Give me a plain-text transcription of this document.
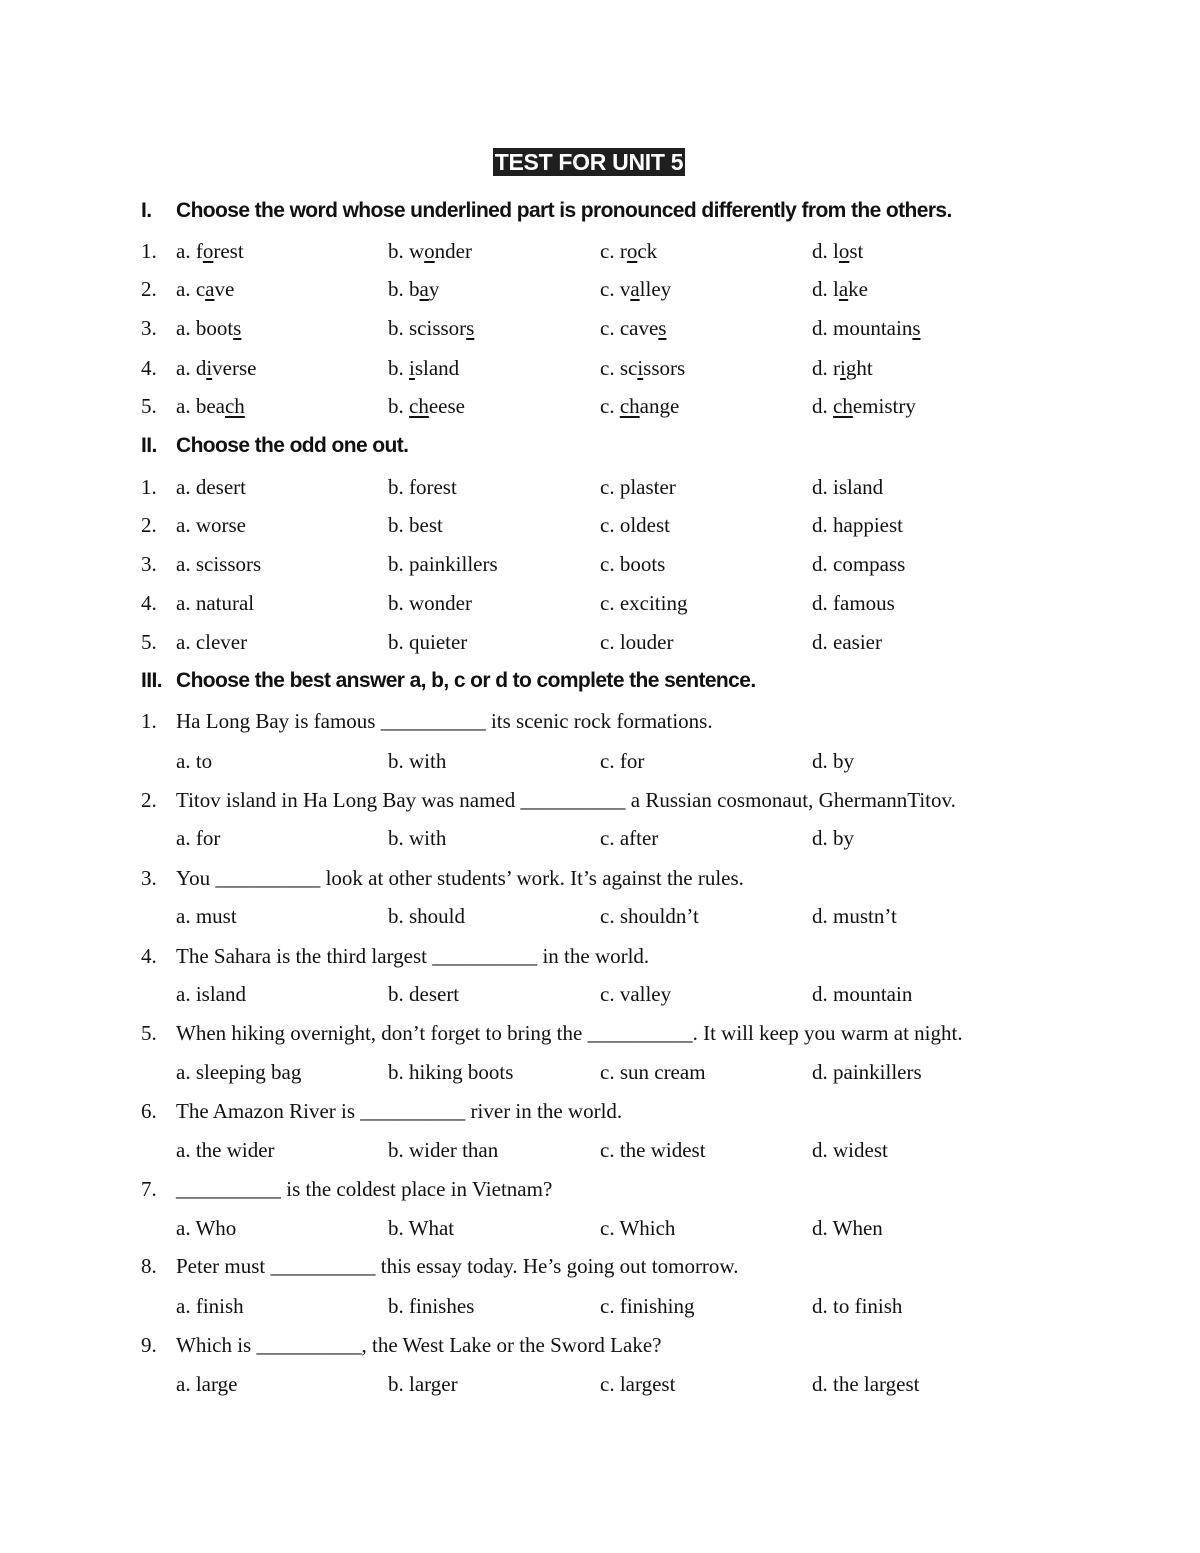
TEST FOR UNIT 5
I. Choose the word whose underlined part is pronounced differently from the others.
1. a. forest	b. wonder	c. rock	d. lost
2. a. cave	b. bay	c. valley	d. lake
3. a. boots	b. scissors	c. caves	d. mountains
4. a. diverse	b. island	c. scissors	d. right
5. a. beach	b. cheese	c. change	d. chemistry
II. Choose the odd one out.
1. a. desert	b. forest	c. plaster	d. island
2. a. worse	b. best	c. oldest	d. happiest
3. a. scissors	b. painkillers	c. boots	d. compass
4. a. natural	b. wonder	c. exciting	d. famous
5. a. clever	b. quieter	c. louder	d. easier
III. Choose the best answer a, b, c or d to complete the sentence.
1. Ha Long Bay is famous __________ its scenic rock formations.
a. to	b. with	c. for	d. by
2. Titov island in Ha Long Bay was named __________ a Russian cosmonaut, GhermannTitov.
a. for	b. with	c. after	d. by
3. You __________ look at other students’ work. It’s against the rules.
a. must	b. should	c. shouldn’t	d. mustn’t
4. The Sahara is the third largest __________ in the world.
a. island	b. desert	c. valley	d. mountain
5. When hiking overnight, don’t forget to bring the __________. It will keep you warm at night.
a. sleeping bag	b. hiking boots	c. sun cream	d. painkillers
6. The Amazon River is __________ river in the world.
a. the wider	b. wider than	c. the widest	d. widest
7. __________ is the coldest place in Vietnam?
a. Who	b. What	c. Which	d. When
8. Peter must __________ this essay today. He’s going out tomorrow.
a. finish	b. finishes	c. finishing	d. to finish
9. Which is __________, the West Lake or the Sword Lake?
a. large	b. larger	c. largest	d. the largest
